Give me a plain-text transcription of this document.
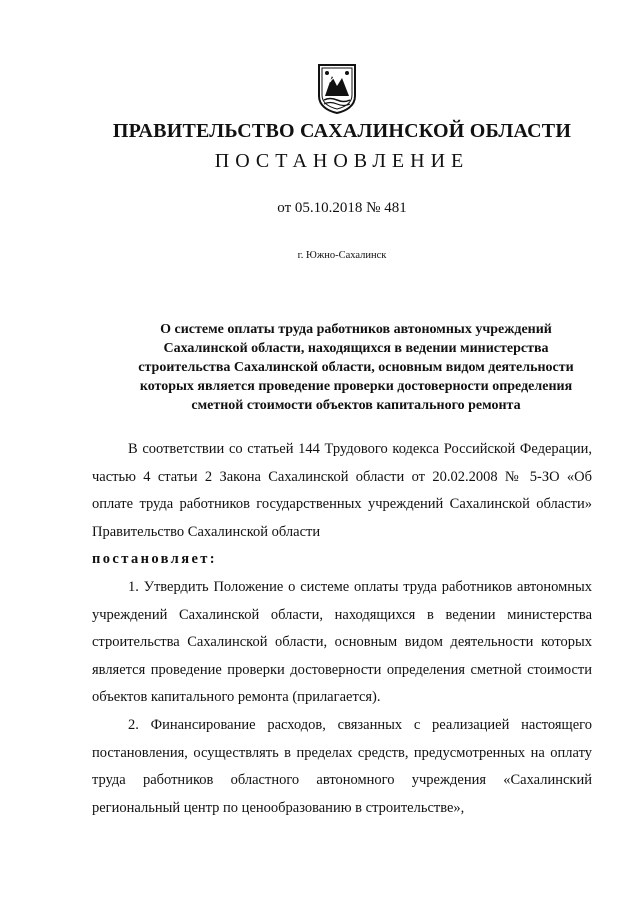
ПРАВИТЕЛЬСТВО САХАЛИНСКОЙ ОБЛАСТИ
ПОСТАНОВЛЕНИЕ
от 05.10.2018 № 481
г. Южно-Сахалинск
О системе оплаты труда работников автономных учреждений
Сахалинской области, находящихся в ведении министерства
строительства Сахалинской области, основным видом деятельности
которых является проведение проверки достоверности определения
сметной стоимости объектов капитального ремонта

В соответствии со статьей 144 Трудового кодекса Российской Федерации, частью 4 статьи 2 Закона Сахалинской области от 20.02.2008 № 5-ЗО «Об оплате труда работников государственных учреждений Сахалинской области» Правительство Сахалинской области

постановляет:

1. Утвердить Положение о системе оплаты труда работников автономных учреждений Сахалинской области, находящихся в ведении министерства строительства Сахалинской области, основным видом деятельности которых является проведение проверки достоверности определения сметной стоимости объектов капитального ремонта (прилагается).

2. Финансирование расходов, связанных с реализацией настоящего постановления, осуществлять в пределах средств, предусмотренных на оплату труда работников областного автономного учреждения «Сахалинский региональный центр по ценообразованию в строительстве»,
